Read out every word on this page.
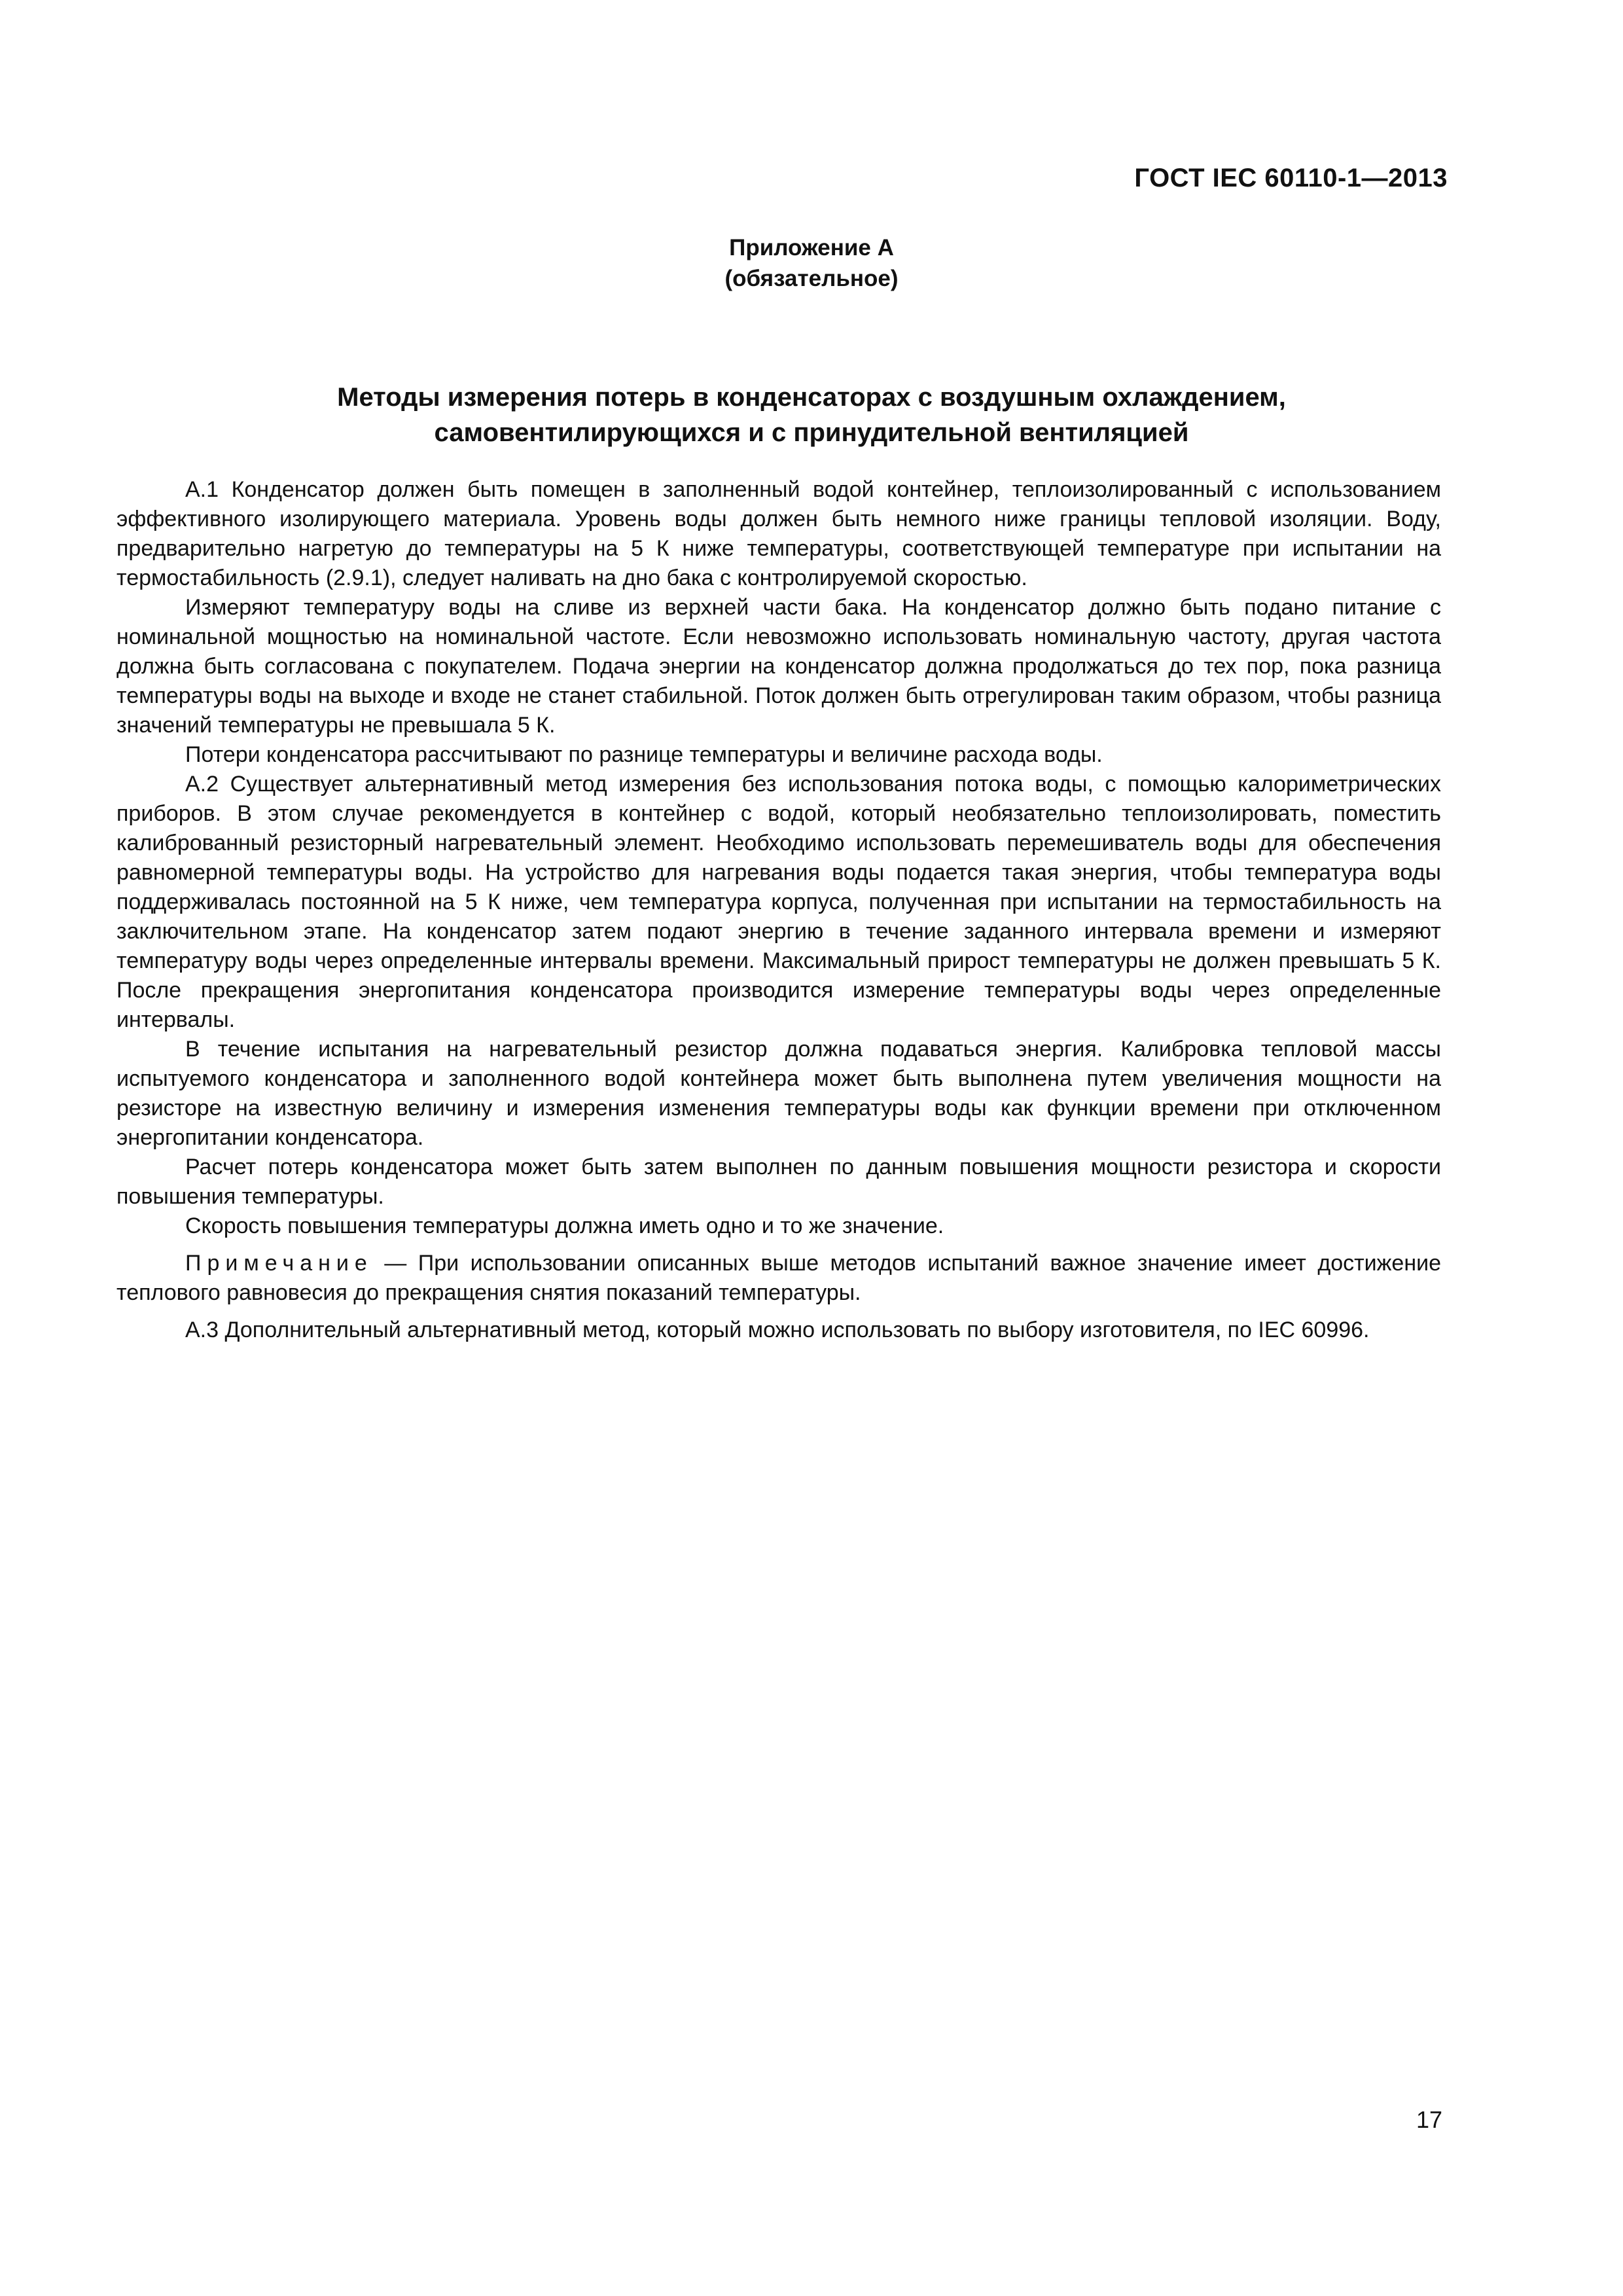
ГОСТ IEC 60110-1—2013
Приложение А
(обязательное)
Методы измерения потерь в конденсаторах с воздушным охлаждением,
самовентилирующихся и с принудительной вентиляцией

А.1 Конденсатор должен быть помещен в заполненный водой контейнер, теплоизолированный с использованием эффективного изолирующего материала. Уровень воды должен быть немного ниже границы тепловой изоляции. Воду, предварительно нагретую до температуры на 5 К ниже температуры, соответствующей температуре при испытании на термостабильность (2.9.1), следует наливать на дно бака с контролируемой скоростью.

Измеряют температуру воды на сливе из верхней части бака. На конденсатор должно быть подано питание с номинальной мощностью на номинальной частоте. Если невозможно использовать номинальную частоту, другая частота должна быть согласована с покупателем. Подача энергии на конденсатор должна продолжаться до тех пор, пока разница температуры воды на выходе и входе не станет стабильной. Поток должен быть отрегулирован таким образом, чтобы разница значений температуры не превышала 5 К.

Потери конденсатора рассчитывают по разнице температуры и величине расхода воды.

А.2 Существует альтернативный метод измерения без использования потока воды, с помощью калориметрических приборов. В этом случае рекомендуется в контейнер с водой, который необязательно теплоизолировать, поместить калиброванный резисторный нагревательный элемент. Необходимо использовать перемешиватель воды для обеспечения равномерной температуры воды. На устройство для нагревания воды подается такая энергия, чтобы температура воды поддерживалась постоянной на 5 К ниже, чем температура корпуса, полученная при испытании на термостабильность на заключительном этапе. На конденсатор затем подают энергию в течение заданного интервала времени и измеряют температуру воды через определенные интервалы времени. Максимальный прирост температуры не должен превышать 5 К. После прекращения энергопитания конденсатора производится измерение температуры воды через определенные интервалы.

В течение испытания на нагревательный резистор должна подаваться энергия. Калибровка тепловой массы испытуемого конденсатора и заполненного водой контейнера может быть выполнена путем увеличения мощности на резисторе на известную величину и измерения изменения температуры воды как функции времени при отключенном энергопитании конденсатора.

Расчет потерь конденсатора может быть затем выполнен по данным повышения мощности резистора и скорости повышения температуры.

Скорость повышения температуры должна иметь одно и то же значение.

Примечание — При использовании описанных выше методов испытаний важное значение имеет достижение теплового равновесия до прекращения снятия показаний температуры.

А.3 Дополнительный альтернативный метод, который можно использовать по выбору изготовителя, по IEC 60996.

17
